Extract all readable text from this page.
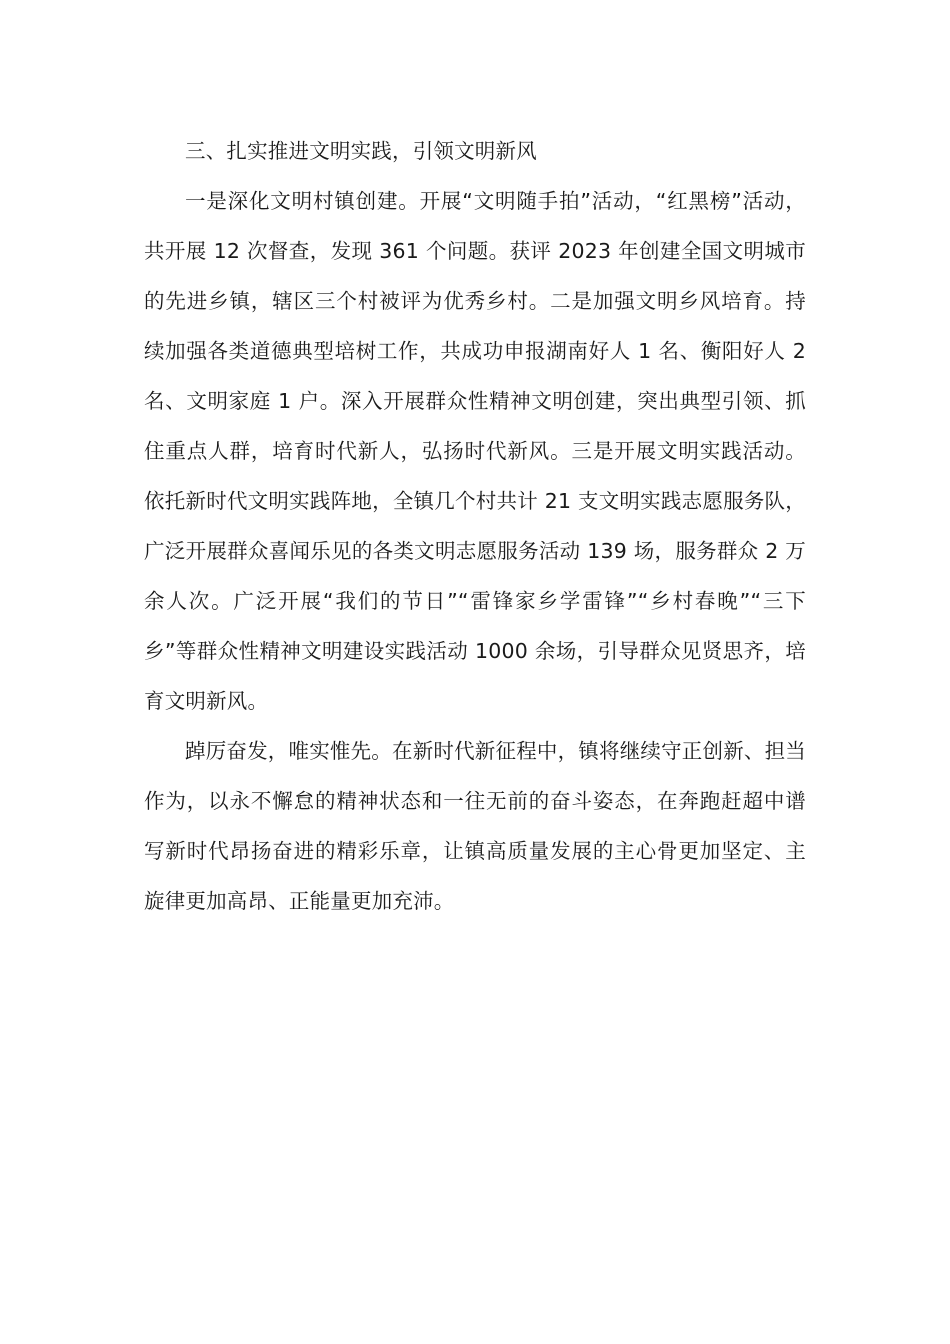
三、扎实推进文明实践，引领文明新风

一是深化文明村镇创建。开展“文明随手拍”活动，“红黑榜”活动，共开展 12 次督查，发现 361 个问题。获评 2023 年创建全国文明城市的先进乡镇，辖区三个村被评为优秀乡村。二是加强文明乡风培育。持续加强各类道德典型培树工作，共成功申报湖南好人 1 名、衡阳好人 2 名、文明家庭 1 户。深入开展群众性精神文明创建，突出典型引领、抓住重点人群，培育时代新人，弘扬时代新风。三是开展文明实践活动。依托新时代文明实践阵地，全镇几个村共计 21 支文明实践志愿服务队，广泛开展群众喜闻乐见的各类文明志愿服务活动 139 场，服务群众 2 万余人次。广泛开展“我们的节日”“雷锋家乡学雷锋”“乡村春晚”“三下乡”等群众性精神文明建设实践活动 1000 余场，引导群众见贤思齐，培育文明新风。

踔厉奋发，唯实惟先。在新时代新征程中，镇将继续守正创新、担当作为，以永不懈怠的精神状态和一往无前的奋斗姿态，在奔跑赶超中谱写新时代昂扬奋进的精彩乐章，让镇高质量发展的主心骨更加坚定、主旋律更加高昂、正能量更加充沛。
